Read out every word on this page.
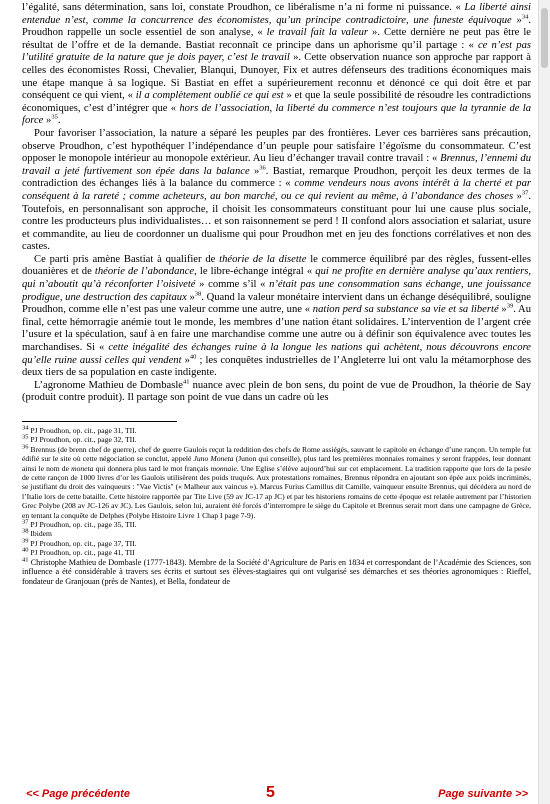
l’égalité, sans détermination, sans loi, constate Proudhon, ce libéralisme n’a ni forme ni puissance. « La liberté ainsi entendue n’est, comme la concurrence des économistes, qu’un principe contradictoire, une funeste équivoque »$^{34}$. Proudhon rappelle un socle essentiel de son analyse, « le travail fait la valeur ». Cette dernière ne peut pas être le résultat de l’offre et de la demande. Bastiat reconnaît ce principe dans un aphorisme qu’il partage : « ce n’est pas l’utilité gratuite de la nature que je dois payer, c’est le travail ». Cette observation nuance son approche par rapport à celles des économistes Rossi, Chevalier, Blanqui, Dunoyer, Fix et autres défenseurs des traditions économiques mais une étape manque à sa logique. Si Bastiat en effet a supérieurement reconnu et dénoncé ce qui doit être et par conséquent ce qui vient, « il a complètement oublié ce qui est » et que la seule possibilité de résoudre les contradictions économiques, c’est d’intégrer que « hors de l’association, la liberté du commerce n’est toujours que la tyrannie de la force »$^{35}$.

Pour favoriser l’association, la nature a séparé les peuples par des frontières. Lever ces barrières sans précaution, observe Proudhon, c’est hypothéquer l’indépendance d’un peuple pour satisfaire l’égoïsme du consommateur. C’est opposer le monopole intérieur au monopole extérieur. Au lieu d’échanger travail contre travail : « Brennus, l’ennemi du travail a jeté furtivement son épée dans la balance »$^{36}$. Bastiat, remarque Proudhon, perçoit les deux termes de la contradiction des échanges liés à la balance du commerce : « comme vendeurs nous avons intérêt à la cherté et par conséquent à la rareté ; comme acheteurs, au bon marché, ou ce qui revient au même, à l’abondance des choses »$^{37}$. Toutefois, en personnalisant son approche, il choisit les consommateurs constituant pour lui une cause plus sociale, contre les producteurs plus individualistes… et son raisonnement se perd ! Il confond alors association et salariat, usure et commandite, au lieu de coordonner un dualisme qui pour Proudhon met en jeu des fonctions corrélatives et non des castes.

Ce parti pris amène Bastiat à qualifier de théorie de la disette le commerce équilibré par des règles, fussent-elles douanières et de théorie de l’abondance, le libre-échange intégral « qui ne profite en dernière analyse qu’aux rentiers, qui n’aboutit qu’à réconforter l’oisiveté » comme s’il « n’était pas une consommation sans échange, une jouissance prodigue, une destruction des capitaux »$^{38}$. Quand la valeur monétaire intervient dans un échange déséquilibré, souligne Proudhon, comme elle n’est pas une valeur comme une autre, une « nation perd sa substance sa vie et sa liberté »$^{39}$. Au final, cette hémorragie anémie tout le monde, les membres d’une nation étant solidaires. L’intervention de l’argent crée l’usure et la spéculation, sauf à en faire une marchandise comme une autre ou à définir son équivalence avec toutes les marchandises. Si « cette inégalité des échanges ruine à la longue les nations qui achètent, nous découvrons encore qu’elle ruine aussi celles qui vendent »$^{40}$ ; les conquêtes industrielles de l’Angleterre lui ont valu la métamorphose des deux tiers de sa population en caste indigente.

L’agronome Mathieu de Dombasle$^{41}$ nuance avec plein de bon sens, du point de vue de Proudhon, la théorie de Say (produit contre produit). Il partage son point de vue dans un cadre où les

$^{34}$ PJ Proudhon, op. cit., page 31, TII.

$^{35}$ PJ Proudhon, op. cit., page 32, TII.

$^{36}$ Brennus (de brenn chef de guerre), chef de guerre Gaulois reçut la reddition des chefs de Rome assiégés, sauvant le capitole en échange d’une rançon. Un temple fut édifié sur le site où cette négociation se conclut, appelé Juno Moneta (Junon qui conseille), plus tard les premières monnaies romaines y seront frappées, leur donnant ainsi le nom de moneta qui donnera plus tard le mot français monnaie. Une Eglise s’élève aujourd’hui sur cet emplacement. La tradition rapporte que lors de la pesée de cette rançon de 1000 livres d’or les Gaulois utilisèrent des poids truqués. Aux protestations romaines, Brennus répondra en ajoutant son épée aux poids incriminés, se justifiant du droit des vainqueurs : "Vae Victis" (« Malheur aux vaincus »). Marcus Furius Camillus dit Camille, vainqueur ensuite Brennus, qui décédera au nord de l’Italie lors de cette bataille. Cette histoire rapportée par Tite Live (59 av JC-17 ap JC) et par les historiens romains de cette époque est relatée autrement par l’historien Grec Polybe (208 av JC-126 av JC). Les Gaulois, selon lui, auraient été forcés d’interrompre le siège du Capitole et Brennus serait mort dans une campagne de Grèce, en tentant la conquête de Delphes (Polybe Histoire Livre 1 Chap I page 7-9).

$^{37}$ PJ Proudhon, op. cit., page 35, TII.

$^{38}$ Ibidem

$^{39}$ PJ Proudhon, op. cit., page 37, TII.

$^{40}$ PJ Proudhon, op. cit., page 41, TII

$^{41}$ Christophe Mathieu de Dombasle (1777-1843). Membre de la Société d’Agriculture de Paris en 1834 et correspondant de l’Académie des Sciences, son influence a été considérable à travers ses écrits et surtout ses élèves-stagiaires qui ont vulgarisé ses démarches et ses théories agronomiques : Rieffel, fondateur de Granjouan (près de Nantes), et Bella, fondateur de

<< Page précédente	5	Page suivante >>
